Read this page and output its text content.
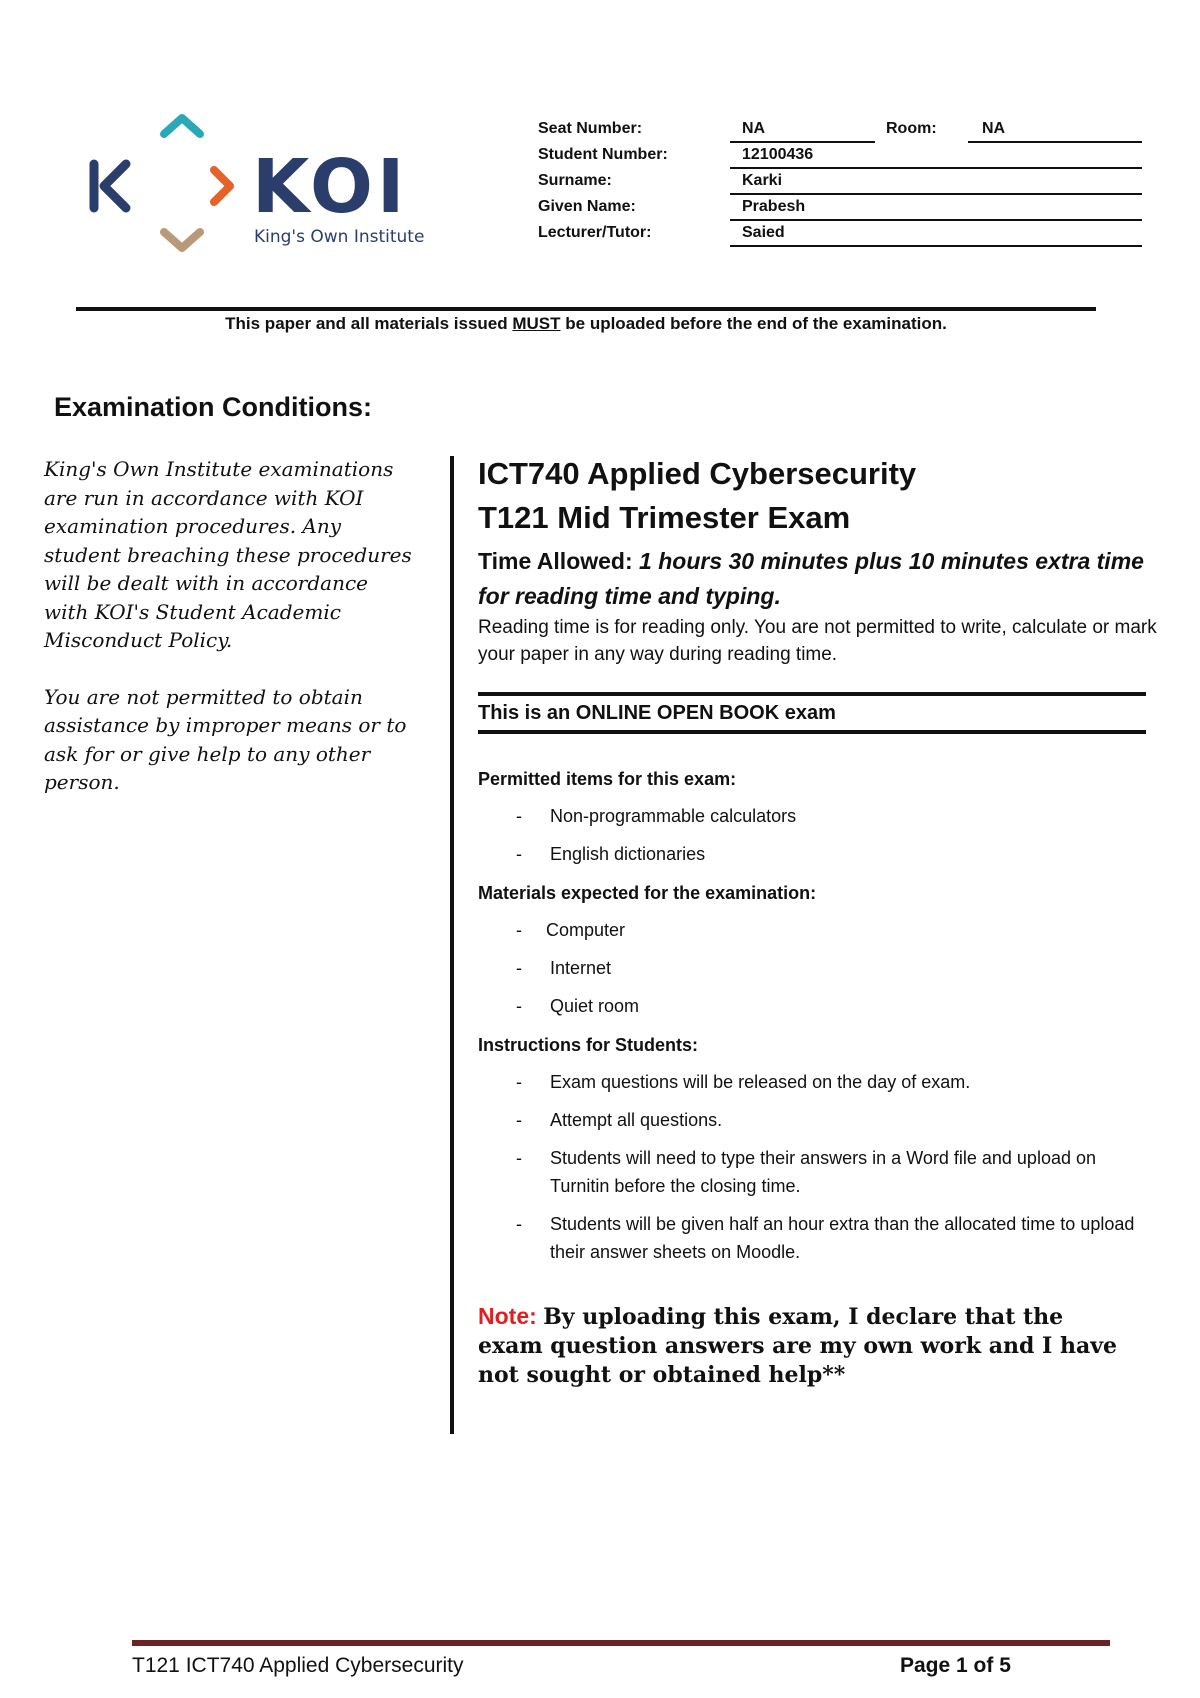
KOI
King's Own Institute
Seat Number:	NA	Room:	NA
Student Number:	12100436
Surname:	Karki
Given Name:	Prabesh
Lecturer/Tutor:	Saied
This paper and all materials issued MUST be uploaded before the end of the examination.
Examination Conditions:

King's Own Institute examinations are run in accordance with KOI examination procedures. Any student breaching these procedures will be dealt with in accordance with KOI's Student Academic Misconduct Policy.

You are not permitted to obtain assistance by improper means or to ask for or give help to any other person.

ICT740 Applied Cybersecurity
T121 Mid Trimester Exam
Time Allowed: 1 hours 30 minutes plus 10 minutes extra time for reading time and typing.
Reading time is for reading only. You are not permitted to write, calculate or mark your paper in any way during reading time.
This is an ONLINE OPEN BOOK exam
Permitted items for this exam:
- Non-programmable calculators
- English dictionaries
Materials expected for the examination:
- Computer
- Internet
- Quiet room
Instructions for Students:
- Exam questions will be released on the day of exam.
- Attempt all questions.
- Students will need to type their answers in a Word file and upload on Turnitin before the closing time.
- Students will be given half an hour extra than the allocated time to upload their answer sheets on Moodle.
Note: By uploading this exam, I declare that the exam question answers are my own work and I have not sought or obtained help**
T121 ICT740 Applied Cybersecurity	Page 1 of 5
